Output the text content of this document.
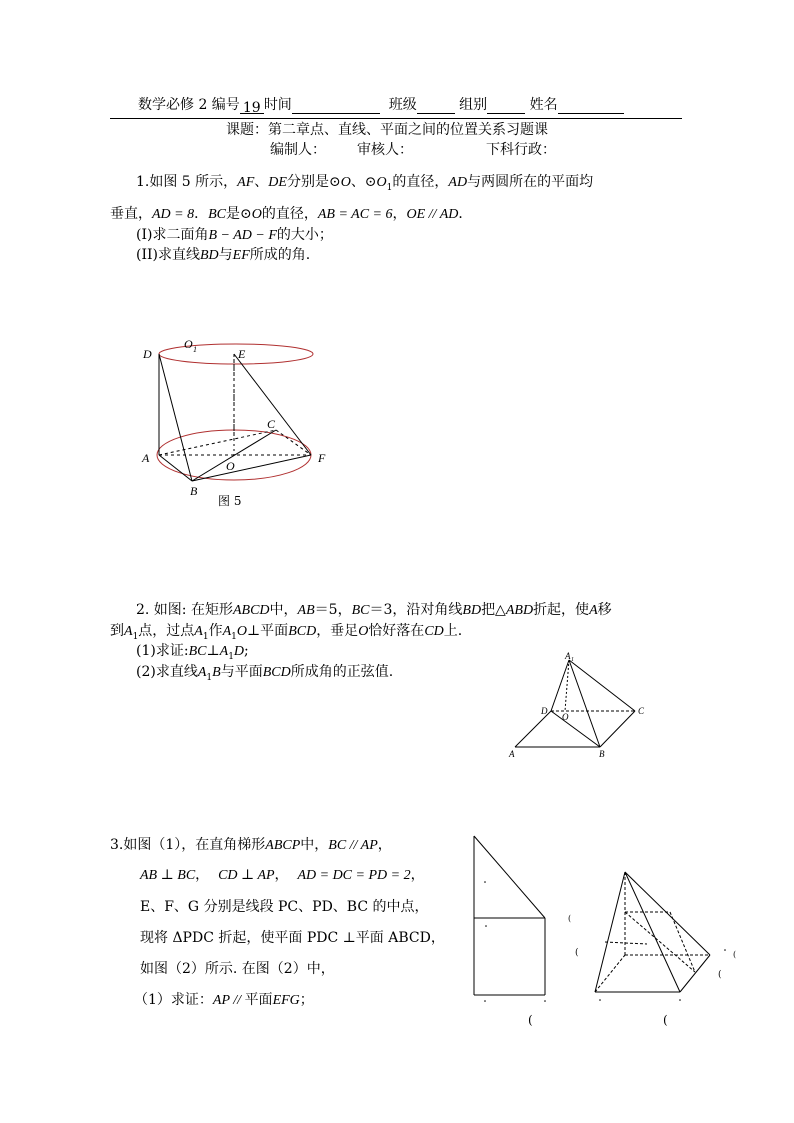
数学必修 2 编号 19 时间	班级	组别	姓名
课题：第二章点、直线、平面之间的位置关系习题课
编制人： 审核人：	下科行政：
1.如图 5 所示，AF、DE分别是⊙O、$⊙O_1$的直径，AD与两圆所在的平面均
垂直，AD = 8．BC是⊙O的直径，AB = AC = 6，OE // AD．
(I)求二面角B − AD − F的大小；
(II)求直线BD与EF所成的角.
D	E
O 1
A
B
C
O
F
图 5
2. 如图: 在矩形ABCD中，AB＝5，BC＝3，沿对角线BD把△ABD折起，使A移
到$A_1$点，过点$A_1$作$A_1O\perp$平面BCD，垂足O恰好落在CD上.
(1)求证$:BC\perp A_1D$;
(2)求直线$A_1B$与平面BCD所成角的正弦值.
A 1
D
O
C
A	B
3.如图（1），在直角梯形ABCP中，BC // AP，
AB ⊥ BC， CD ⊥ AP， AD = DC = PD = 2，
E、F、G 分别是线段 PC、PD、BC 的中点，
现将 ΔPDC 折起，使平面 PDC ⊥平面 ABCD，
如图（2）所示. 在图（2）中，
（1）求证：AP // 平面EFG；
(	(
(
(
(
(
